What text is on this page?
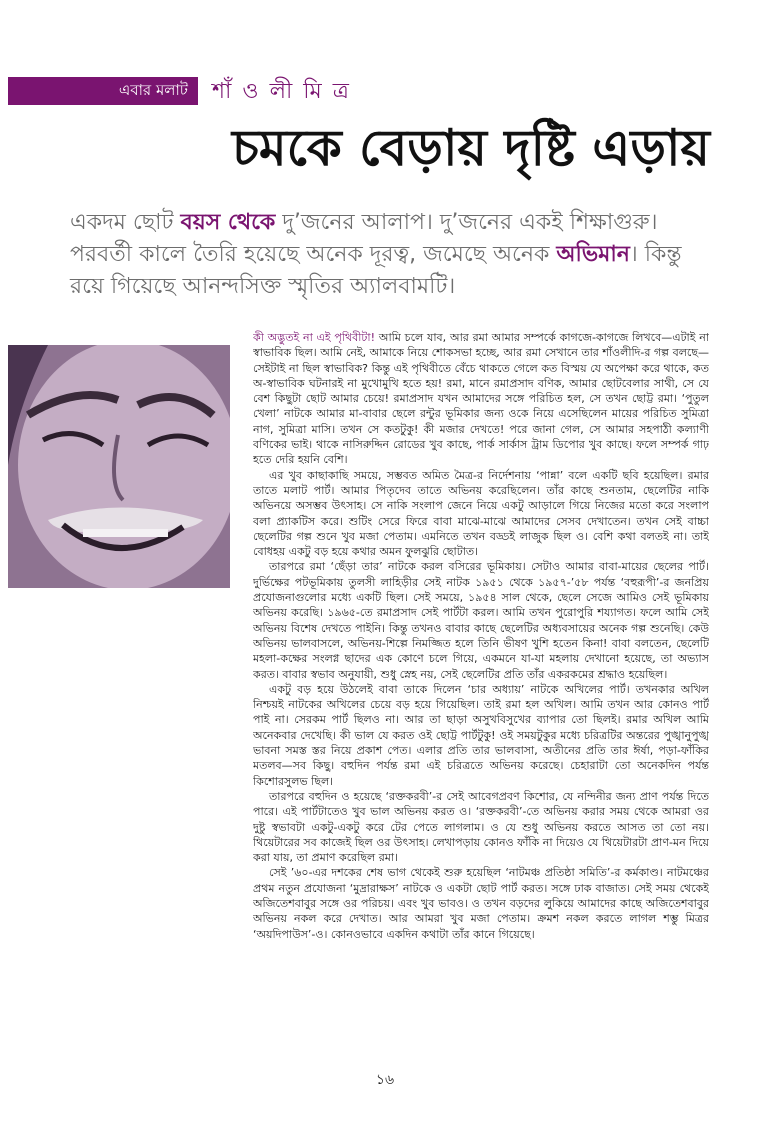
এবার মলাট শাঁ ও লী মি ত্র
চমকে বেড়ায় দৃষ্টি এড়ায়
একদম ছোট বয়স থেকে দু’জনের আলাপ। দু’জনের একই শিক্ষাগুরু। পরবর্তী কালে তৈরি হয়েছে অনেক দূরত্ব, জমেছে অনেক অভিমান। কিন্তু রয়ে গিয়েছে আনন্দসিক্ত স্মৃতির অ্যালবামটি।

কী অদ্ভুতই না এই পৃথিবীটা! আমি চলে যাব, আর রমা আমার সম্পর্কে কাগজে-কাগজে লিখবে—এটাই না স্বাভাবিক ছিল। আমি নেই, আমাকে নিয়ে শোকসভা হচ্ছে, আর রমা সেখানে তার শাঁওলীদি-র গল্প বলছে—সেইটাই না ছিল স্বাভাবিক? কিন্তু এই পৃথিবীতে বেঁচে থাকতে গেলে কত বিস্ময় যে অপেক্ষা করে থাকে, কত অ-স্বাভাবিক ঘটনারই না মুখোমুখি হতে হয়! রমা, মানে রমাপ্রসাদ বণিক, আমার ছোটবেলার সাথী, সে যে বেশ কিছুটা ছোট আমার চেয়ে! রমাপ্রসাদ যখন আমাদের সঙ্গে পরিচিত হল, সে তখন ছোট্ট রমা। ‘পুতুল খেলা’ নাটকে আমার মা-বাবার ছেলে রন্টুর ভূমিকার জন্য ওকে নিয়ে এসেছিলেন মায়ের পরিচিত সুমিত্রা নাগ, সুমিত্রা মাসি। তখন সে কতটুকু! কী মজার দেখতে! পরে জানা গেল, সে আমার সহপাঠী কল্যাণী বণিকের ভাই। থাকে নাসিরুদ্দিন রোডের খুব কাছে, পার্ক সার্কাস ট্রাম ডিপোর খুব কাছে। ফলে সম্পর্ক গাঢ় হতে দেরি হয়নি বেশি।

এর খুব কাছাকাছি সময়ে, সম্ভবত অমিত মৈত্র-র নির্দেশনায় ‘পান্না’ বলে একটি ছবি হয়েছিল। রমার তাতে মলাট পার্ট। আমার পিতৃদেব তাতে অভিনয় করেছিলেন। তাঁর কাছে শুনতাম, ছেলেটির নাকি অভিনয়ে অসম্ভব উৎসাহ। সে নাকি সংলাপ জেনে নিয়ে একটু আড়ালে গিয়ে নিজের মতো করে সংলাপ বলা প্র্যাকটিস করে। শুটিং সেরে ফিরে বাবা মাঝে-মাঝে আমাদের সেসব দেখাতেন। তখন সেই বাচ্চা ছেলেটির গল্প শুনে খুব মজা পেতাম। এমনিতে তখন বড্ডই লাজুক ছিল ও। বেশি কথা বলতই না। তাই বোধহয় একটু বড় হয়ে কথার অমন ফুলঝুরি ছোটাত।

তারপরে রমা ‘ছেঁড়া তার’ নাটকে করল বসিরের ভূমিকায়। সেটাও আমার বাবা-মায়ের ছেলের পার্ট। দুর্ভিক্ষের পটভূমিকায় তুলসী লাহিড়ীর সেই নাটক ১৯৫১ থেকে ১৯৫৭-’৫৮ পর্যন্ত ‘বহুরূপী’-র জনপ্রিয় প্রযোজনাগুলোর মধ্যে একটি ছিল। সেই সময়ে, ১৯৫৪ সাল থেকে, ছেলে সেজে আমিও সেই ভূমিকায় অভিনয় করেছি। ১৯৬৫-তে রমাপ্রসাদ সেই পার্টটা করল। আমি তখন পুরোপুরি শয্যাগত। ফলে আমি সেই অভিনয় বিশেষ দেখতে পাইনি। কিন্তু তখনও বাবার কাছে ছেলেটির অধ্যবসায়ের অনেক গল্প শুনেছি। কেউ অভিনয় ভালবাসলে, অভিনয়-শিল্পে নিমজ্জিত হলে তিনি ভীষণ খুশি হতেন কিনা! বাবা বলতেন, ছেলেটি মহলা-কক্ষের সংলগ্ন ছাদের এক কোণে চলে গিয়ে, একমনে যা-যা মহলায় দেখানো হয়েছে, তা অভ্যাস করত। বাবার স্বভাব অনুযায়ী, শুধু স্নেহ নয়, সেই ছেলেটির প্রতি তাঁর একরকমের শ্রদ্ধাও হয়েছিল।

একটু বড় হয়ে উঠলেই বাবা তাকে দিলেন ‘চার অধ্যায়’ নাটকে অখিলের পার্ট। তখনকার অখিল নিশ্চয়ই নাটকের অখিলের চেয়ে বড় হয়ে গিয়েছিল। তাই রমা হল অখিল। আমি তখন আর কোনও পার্ট পাই না। সেরকম পার্ট ছিলও না। আর তা ছাড়া অসুখবিসুখের ব্যাপার তো ছিলই। রমার অখিল আমি অনেকবার দেখেছি। কী ভাল যে করত ওই ছোট্ট পার্টটুকু! ওই সময়টুকুর মধ্যে চরিত্রটির অন্তরের পুঙ্খানুপুঙ্খ ভাবনা সমস্ত স্তর নিয়ে প্রকাশ পেত। এলার প্রতি তার ভালবাসা, অতীনের প্রতি তার ঈর্ষা, পড়া-ফাঁকির মতলব—সব কিছু। বহুদিন পর্যন্ত রমা এই চরিত্রতে অভিনয় করেছে। চেহারাটা তো অনেকদিন পর্যন্ত কিশোরসুলভ ছিল।

তারপরে বহুদিন ও হয়েছে ‘রক্তকরবী’-র সেই আবেগপ্রবণ কিশোর, যে নন্দিনীর জন্য প্রাণ পর্যন্ত দিতে পারে। এই পার্টটাতেও খুব ভাল অভিনয় করত ও। ‘রক্তকরবী’-তে অভিনয় করার সময় থেকে আমরা ওর দুষ্টু স্বভাবটা একটু-একটু করে টের পেতে লাগলাম। ও যে শুধু অভিনয় করতে আসত তা তো নয়। থিয়েটারের সব কাজেই ছিল ওর উৎসাহ। লেখাপড়ায় কোনও ফাঁকি না দিয়েও যে থিয়েটারটা প্রাণ-মন দিয়ে করা যায়, তা প্রমাণ করেছিল রমা।

সেই ’৬০-এর দশকের শেষ ভাগ থেকেই শুরু হয়েছিল ‘নাটমঞ্চ প্রতিষ্ঠা সমিতি’-র কর্মকাণ্ড। নাটমঞ্চের প্রথম নতুন প্রযোজনা ‘মুদ্রারাক্ষস’ নাটকে ও একটা ছোট পার্ট করত। সঙ্গে ঢাক বাজাত। সেই সময় থেকেই অজিতেশবাবুর সঙ্গে ওর পরিচয়। এবং খুব ভাবও। ও তখন বড়দের লুকিয়ে আমাদের কাছে অজিতেশবাবুর অভিনয় নকল করে দেখাত। আর আমরা খুব মজা পেতাম। ক্রমশ নকল করতে লাগল শম্ভু মিত্রর ‘অয়দিপাউস’-ও। কোনওভাবে একদিন কথাটা তাঁর কানে গিয়েছে।

১৬
